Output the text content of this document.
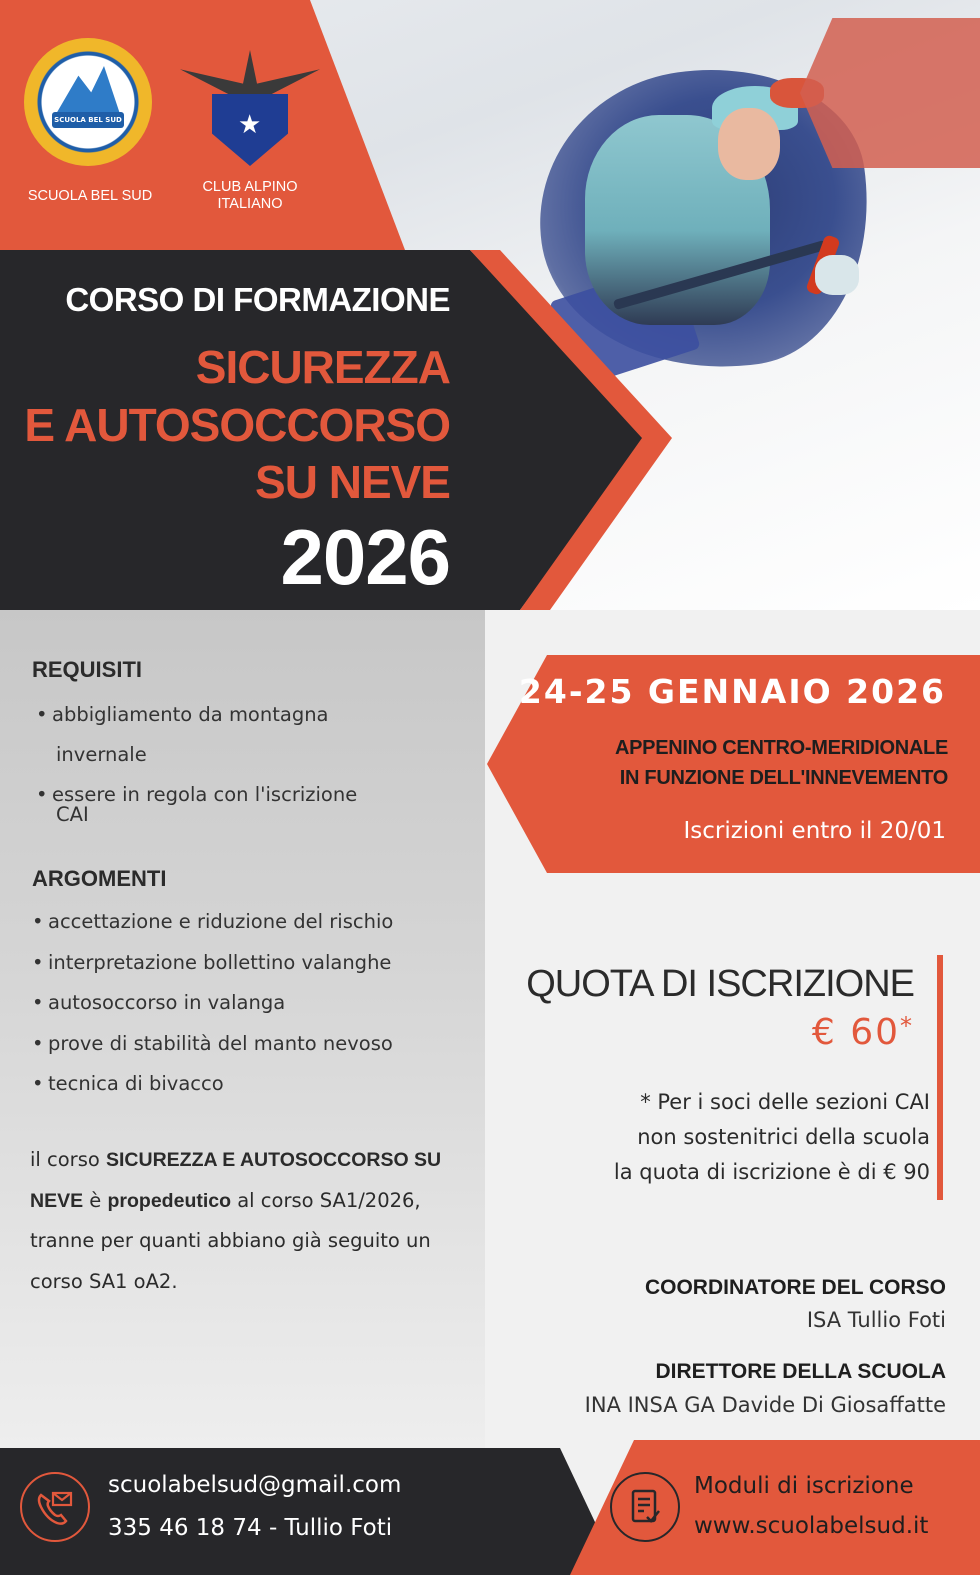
SCUOLA BEL SUD
SCUOLA BEL SUD
★
CLUB ALPINO
ITALIANO
CORSO DI FORMAZIONE
SICUREZZA
E AUTOSOCCORSO
SU NEVE
2026
REQUISITI
• abbigliamento da montagna
invernale
• essere in regola con l'iscrizione
CAI
ARGOMENTI
• accettazione e riduzione del rischio
• interpretazione bollettino valanghe
• autosoccorso in valanga
• prove di stabilità del manto nevoso
• tecnica di bivacco
il corso SICUREZZA E AUTOSOCCORSO SU NEVE è propedeutico al corso SA1/2026, tranne per quanti abbiano già seguito un corso SA1 oA2.
24-25 GENNAIO 2026
APPENINO CENTRO-MERIDIONALE
IN FUNZIONE DELL'INNEVEMENTO
Iscrizioni entro il 20/01
QUOTA DI ISCRIZIONE
€ 60*
* Per i soci delle sezioni CAI
non sostenitrici della scuola
la quota di iscrizione è di € 90
COORDINATORE DEL CORSO
ISA Tullio Foti
DIRETTORE DELLA SCUOLA
INA INSA GA Davide Di Giosaffatte
scuolabelsud@gmail.com
335 46 18 74 - Tullio Foti
Moduli di iscrizione
www.scuolabelsud.it
